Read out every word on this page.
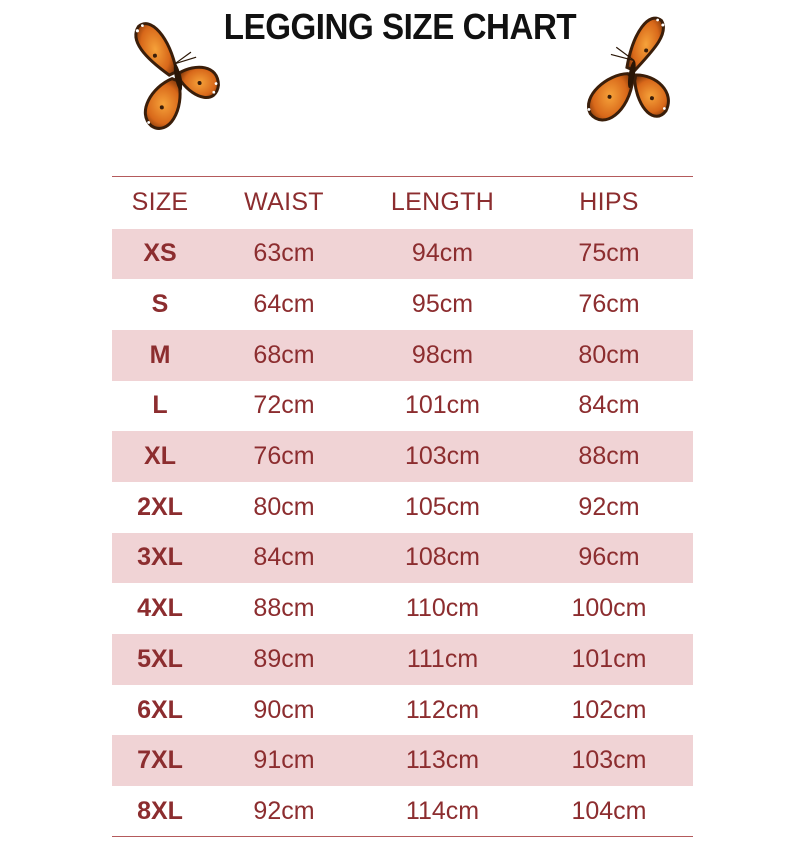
LEGGING SIZE CHART
SIZE	WAIST	LENGTH	HIPS
XS	63cm	94cm	75cm
S	64cm	95cm	76cm
M	68cm	98cm	80cm
L	72cm	101cm	84cm
XL	76cm	103cm	88cm
2XL	80cm	105cm	92cm
3XL	84cm	108cm	96cm
4XL	88cm	110cm	100cm
5XL	89cm	111cm	101cm
6XL	90cm	112cm	102cm
7XL	91cm	113cm	103cm
8XL	92cm	114cm	104cm
